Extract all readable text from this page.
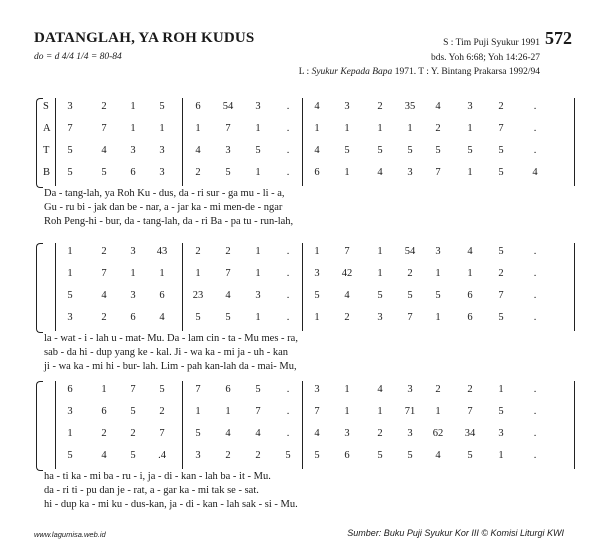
DATANGLAH, YA ROH KUDUS
do = d 4/4 1/4 = 80-84
S : Tim Puji Syukur 1991 572
bds. Yoh 6:68; Yoh 14:26-27
L : Syukur Kepada Bapa 1971. T : Y. Bintang Prakarsa 1992/94
S	3	2	1	5	6	54	3	.	4	3	2	35	4	3	2	.
A	7	7	1	1	1	7	1	.	1	1	1	1	2	1	7	.
T	5	4	3	3	4	3	5	.	4	5	5	5	5	5	5	.
B	5	5	6	3	2	5	1	.	6	1	4	3	7	1	5	4
Da - tang-lah, ya Roh Ku - dus, da - ri sur - ga mu - li - a,
Gu - ru bi - jak dan be - nar, a - jar ka - mi men-de - ngar
Roh Peng-hi - bur, da - tang-lah, da - ri Ba - pa tu - run-lah,
1	2	3	43	2	2	1	.	1	7	1	54	3	4	5	.
1	7	1	1	1	7	1	.	3	42	1	2	1	1	2	.
5	4	3	6	23	4	3	.	5	4	5	5	5	6	7	.
3	2	6	4	5	5	1	.	1	2	3	7	1	6	5	.
la - wat - i - lah u - mat- Mu. Da - lam cin - ta - Mu mes - ra,
sab - da hi - dup yang ke - kal. Ji - wa ka - mi ja - uh - kan
ji - wa ka - mi hi - bur- lah. Lim - pah kan-lah da - mai- Mu,
6	1	7	5	7	6	5	.	3	1	4	3	2	2	1	.
3	6	5	2	1	1	7	.	7	1	1	71	1	7	5	.
1	2	2	7	5	4	4	.	4	3	2	3	62	34	3	.
5	4	5	.4	3	2	2	5	5	6	5	5	4	5	1	.
ha - ti ka - mi ba - ru - i, ja - di - kan - lah ba - it - Mu.
da - ri ti - pu dan je - rat, a - gar ka - mi tak se - sat.
hi - dup ka - mi ku - dus-kan, ja - di - kan - lah sak - si - Mu.
www.lagumisa.web.id	Sumber: Buku Puji Syukur Kor III © Komisi Liturgi KWI
